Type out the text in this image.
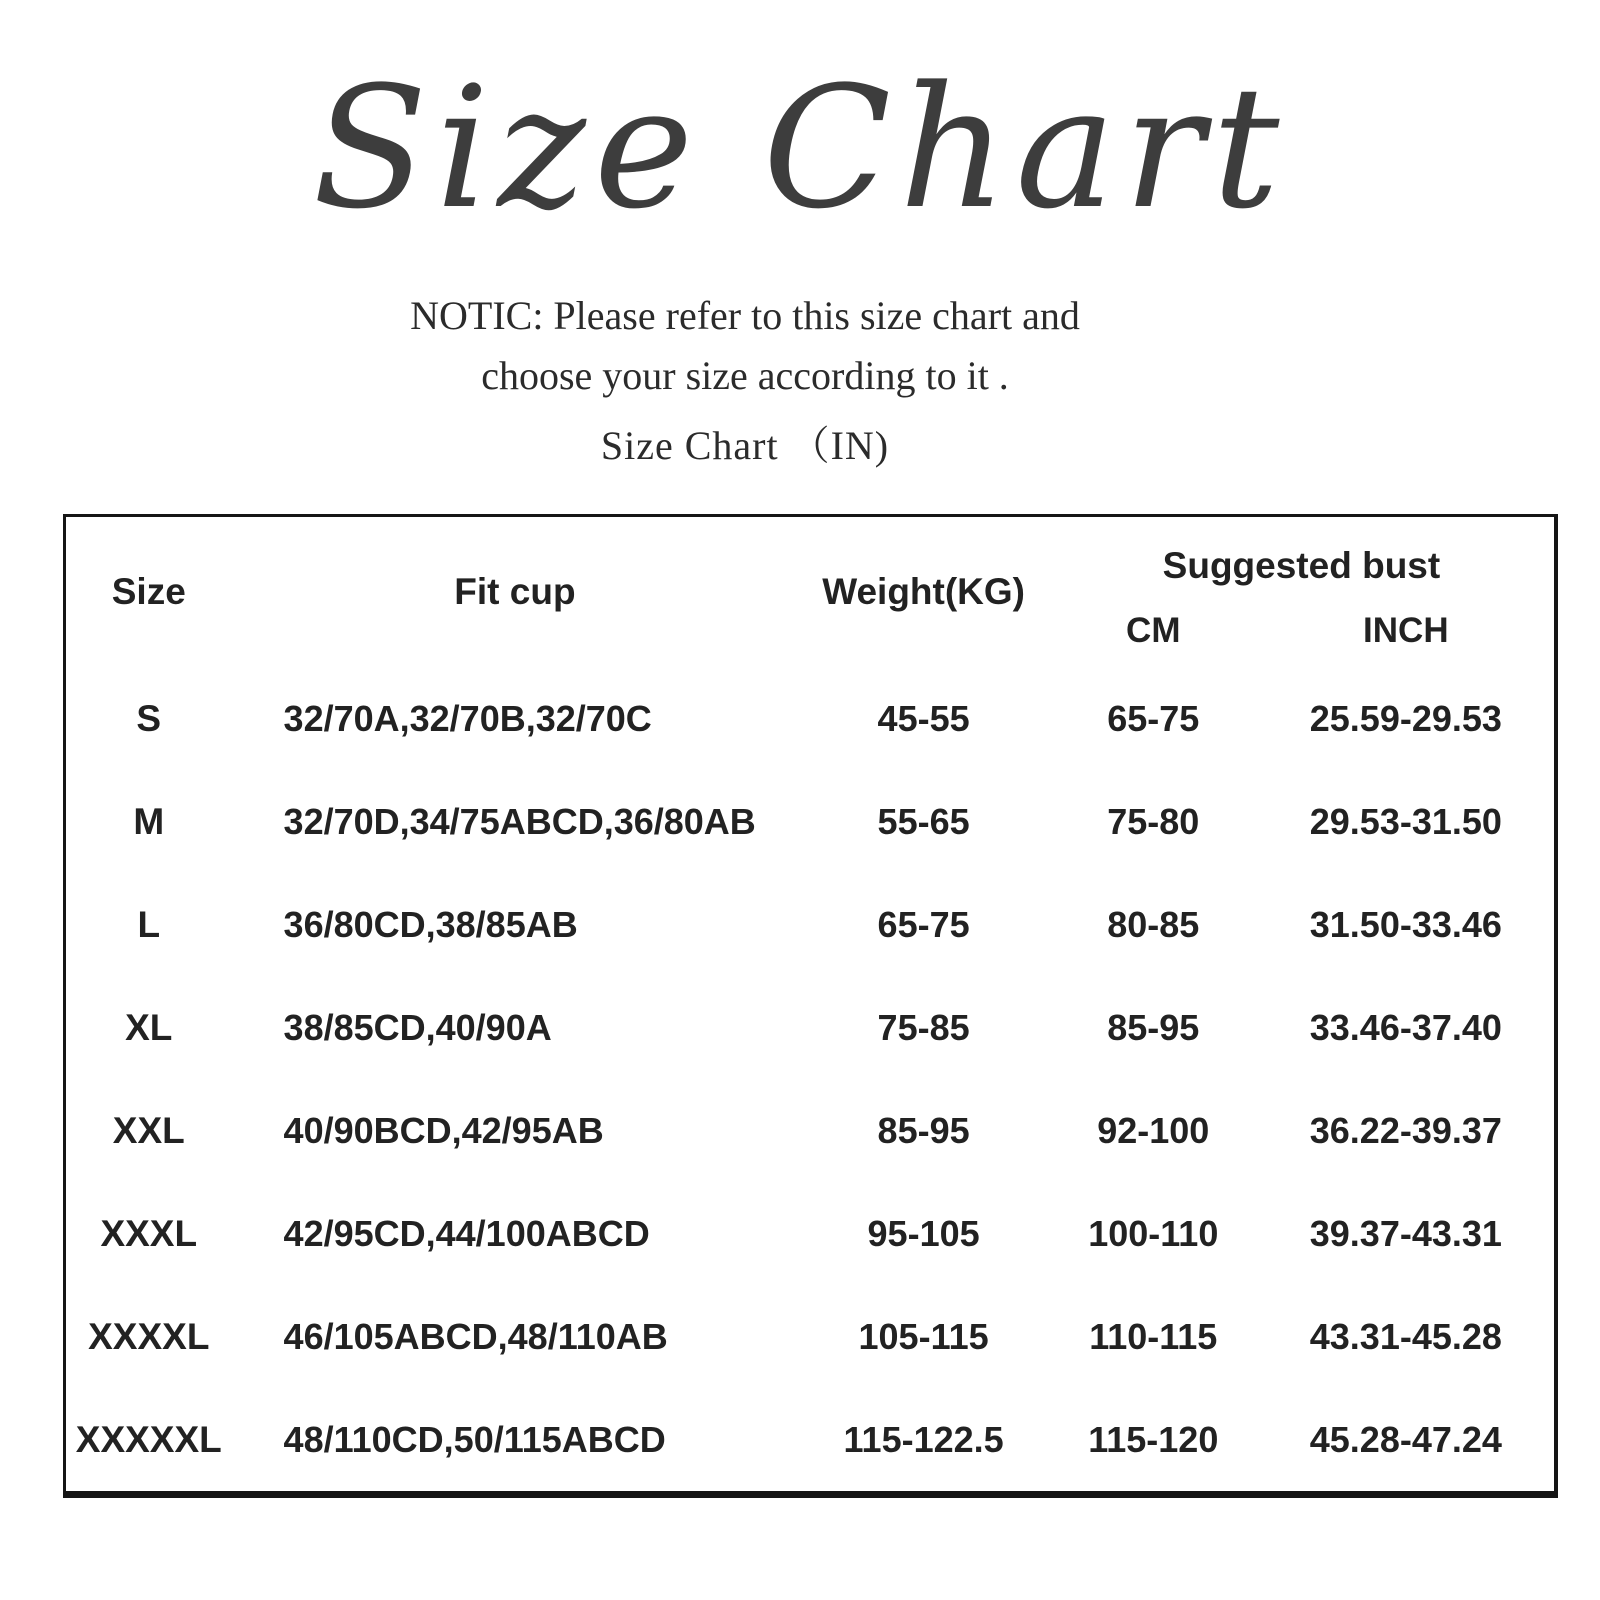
Size Chart

NOTIC: Please refer to this size chart and

choose your size according to it .

Size Chart （IN)

Size	Fit cup	Weight(KG)	Suggested bust	
			CM	INCH
S	32/70A,32/70B,32/70C	45-55	65-75	25.59-29.53
M	32/70D,34/75ABCD,36/80AB	55-65	75-80	29.53-31.50
L	36/80CD,38/85AB	65-75	80-85	31.50-33.46
XL	38/85CD,40/90A	75-85	85-95	33.46-37.40
XXL	40/90BCD,42/95AB	85-95	92-100	36.22-39.37
XXXL	42/95CD,44/100ABCD	95-105	100-110	39.37-43.31
XXXXL	46/105ABCD,48/110AB	105-115	110-115	43.31-45.28
XXXXXL	48/110CD,50/115ABCD	115-122.5	115-120	45.28-47.24
